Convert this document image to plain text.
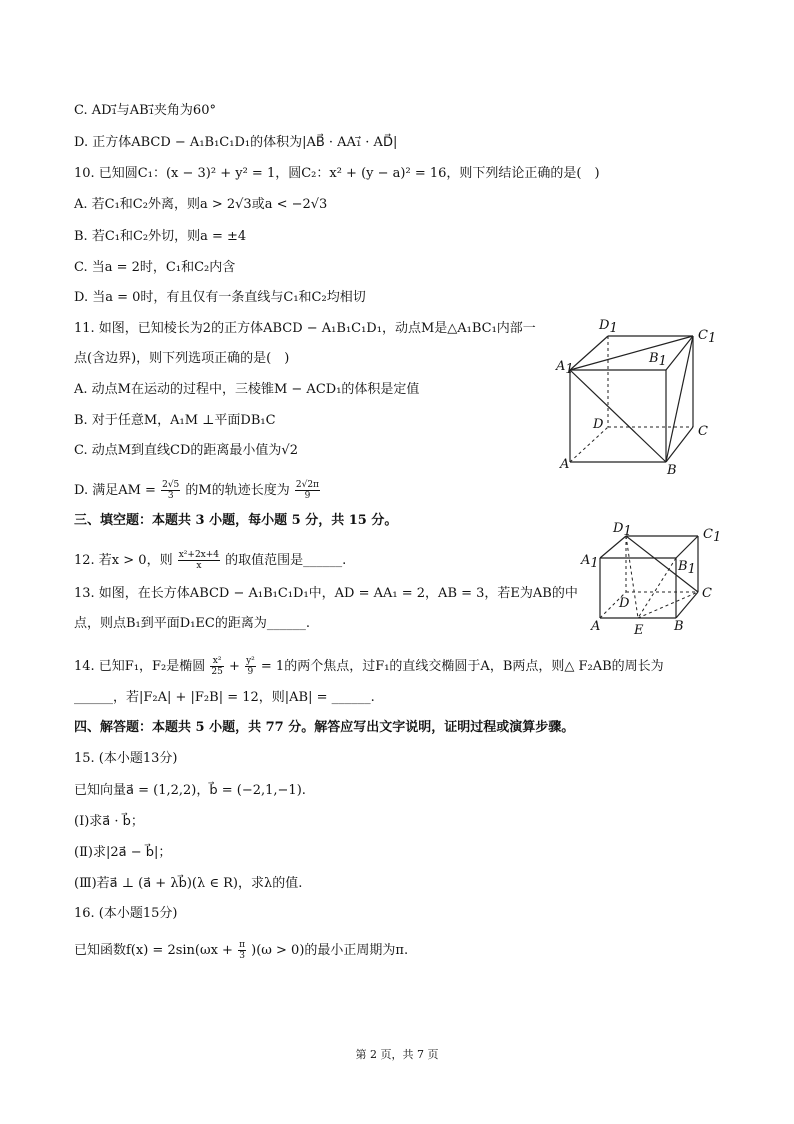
C. AD₁⃗与AB₁⃗夹角为60°
D. 正方体ABCD − A₁B₁C₁D₁的体积为|AB⃗ · AA₁⃗ · AD⃗|
10. 已知圆C₁：(x − 3)² + y² = 1，圆C₂：x² + (y − a)² = 16，则下列结论正确的是(　)
A. 若C₁和C₂外离，则a > 2√3或a < −2√3
B. 若C₁和C₂外切，则a = ±4
C. 当a = 2时，C₁和C₂内含
D. 当a = 0时，有且仅有一条直线与C₁和C₂均相切
11. 如图，已知棱长为2的正方体ABCD − A₁B₁C₁D₁，动点M是△A₁BC₁内部一
点(含边界)，则下列选项正确的是(　)
A. 动点M在运动的过程中，三棱锥M − ACD₁的体积是定值
B. 对于任意M，A₁M ⊥平面DB₁C
C. 动点M到直线CD的距离最小值为√2
D. 满足AM = $\frac{2√5}{3}$ 的M的轨迹长度为 $\frac{2√2\pi}{9}$
三、填空题：本题共 3 小题，每小题 5 分，共 15 分。
12. 若x > 0，则 $\frac{\text{x²+2x+4}}{x}$ 的取值范围是______.
13. 如图，在长方体ABCD − A₁B₁C₁D₁中，AD = AA₁ = 2，AB = 3，若E为AB的中
点，则点B₁到平面D₁EC的距离为______.
14. 已知F₁，F₂是椭圆 $\frac{\text{x²}}{25} + \frac{\text{y²}}{9} = 1$的两个焦点，过F₁的直线交椭圆于A，B两点，则△ F₂AB的周长为
______，若|F₂A| + |F₂B| = 12，则|AB| = ______.
四、解答题：本题共 5 小题，共 77 分。解答应写出文字说明，证明过程或演算步骤。
15. (本小题13分)
已知向量a⃗ = (1,2,2)，b⃗ = (−2,1,−1).
(Ⅰ)求a⃗ · b⃗；
(Ⅱ)求|2a⃗ − b⃗|；
(Ⅲ)若a⃗ ⊥ (a⃗ + λb⃗)(λ ∈ R)，求λ的值.
16. (本小题15分)
已知函数$f(x) = 2\sin(\omega x + \frac{\pi}{3} )(\omega > 0)$的最小正周期为π.
D1	C1
B1
A1
D	C
A	B
D1	C1
A1	B1
D
C
A	E B
第 2 页，共 7 页
